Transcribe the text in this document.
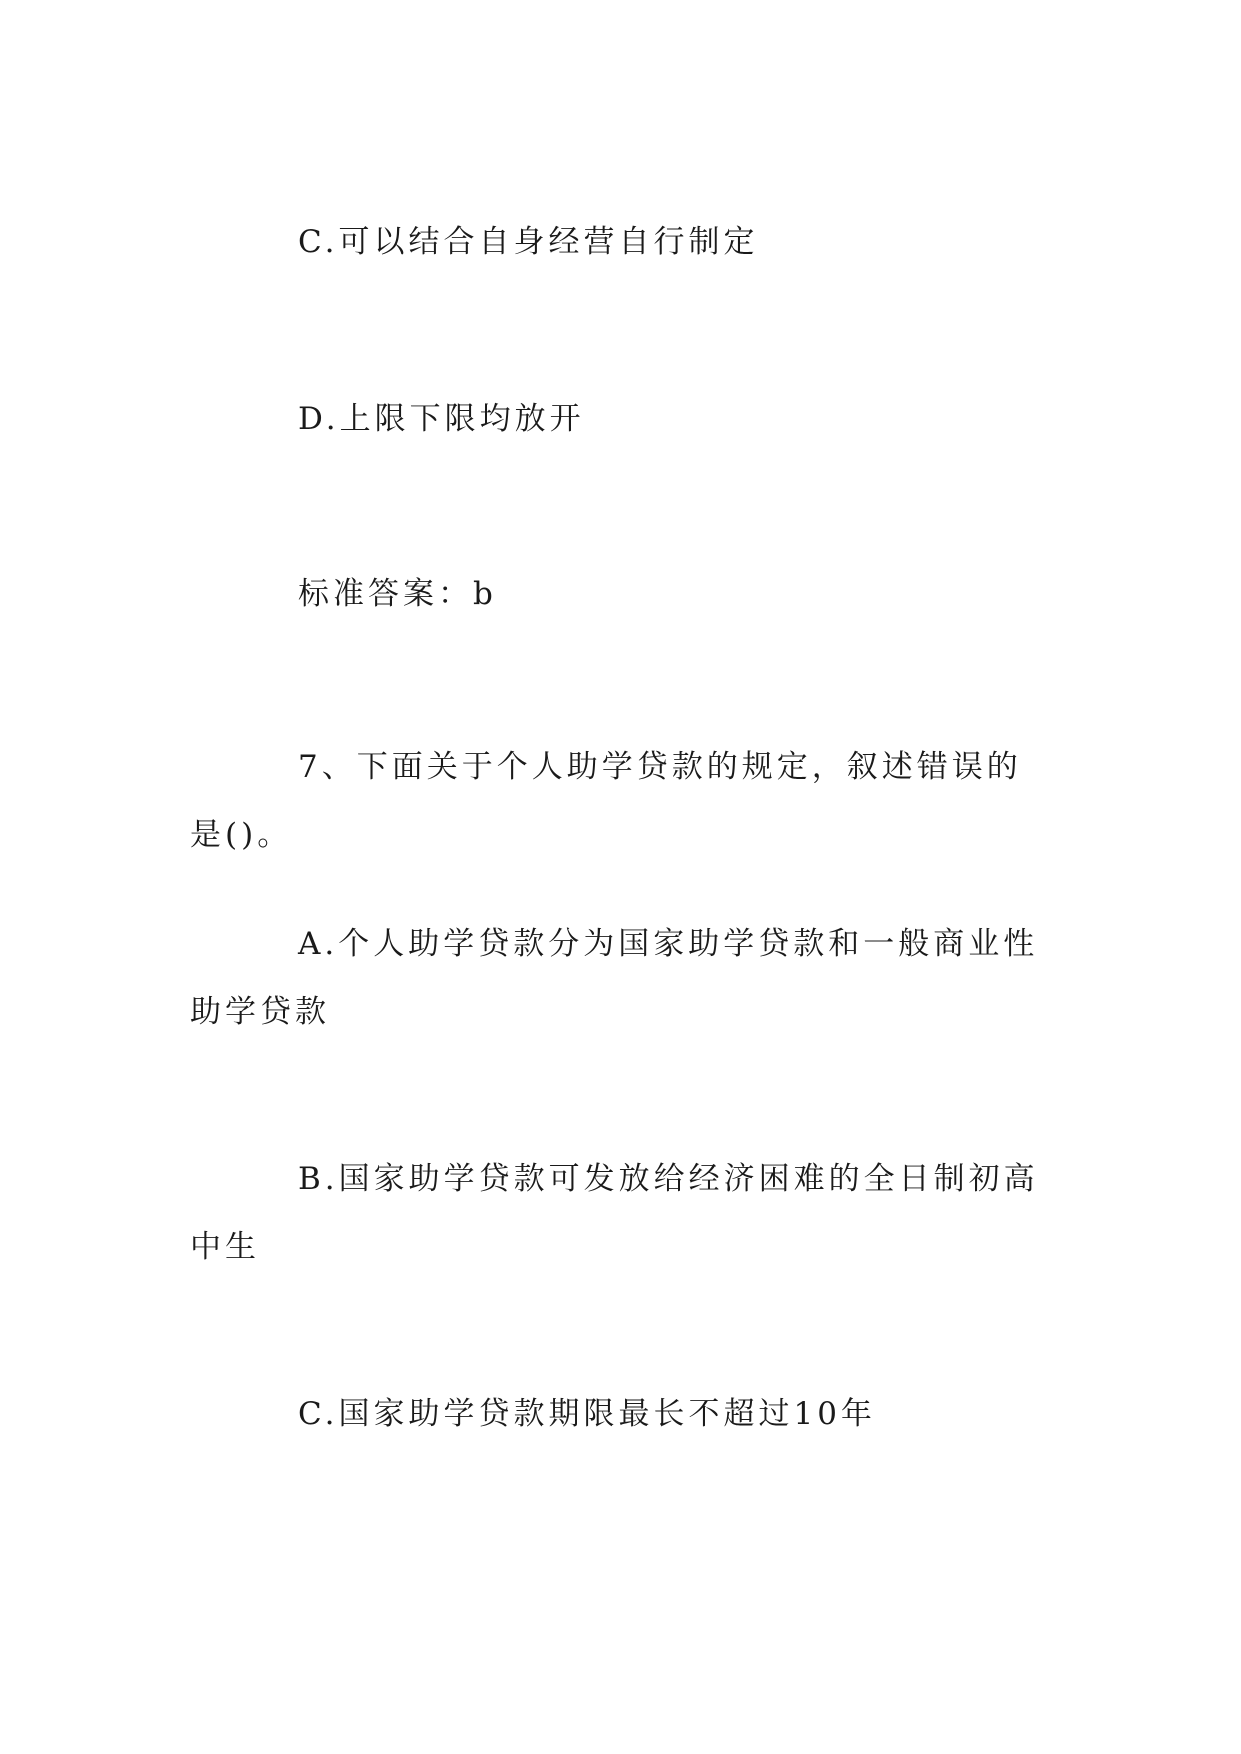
C.可以结合自身经营自行制定

D.上限下限均放开

标准答案：b

7、下面关于个人助学贷款的规定，叙述错误的是()。

A.个人助学贷款分为国家助学贷款和一般商业性助学贷款

B.国家助学贷款可发放给经济困难的全日制初高中生

C.国家助学贷款期限最长不超过10年
